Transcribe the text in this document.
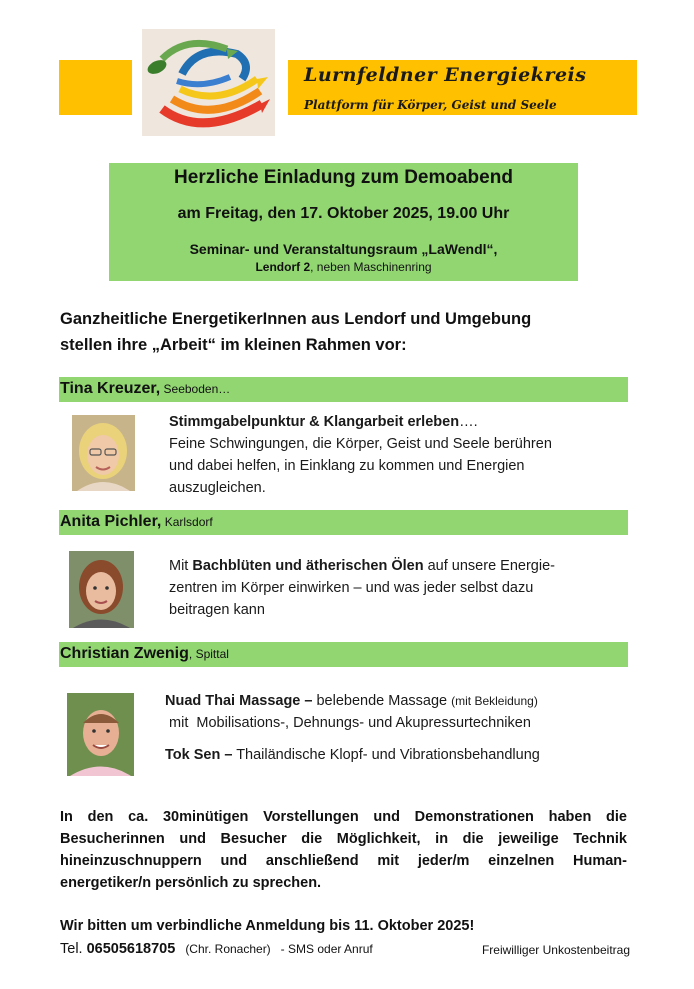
Lurnfeldner Energiekreis
Plattform für Körper, Geist und Seele
Herzliche Einladung zum Demoabend
am Freitag, den 17. Oktober 2025, 19.00 Uhr
Seminar- und Veranstaltungsraum „LaWendl“,
Lendorf 2, neben Maschinenring
Ganzheitliche EnergetikerInnen aus Lendorf und Umgebung
stellen ihre „Arbeit“ im kleinen Rahmen vor:
Tina Kreuzer, Seeboden…
Stimmgabelpunktur & Klangarbeit erleben….
Feine Schwingungen, die Körper, Geist und Seele berühren
und dabei helfen, in Einklang zu kommen und Energien
auszugleichen.
Anita Pichler, Karlsdorf
Mit Bachblüten und ätherischen Ölen auf unsere Energie-
zentren im Körper einwirken – und was jeder selbst dazu
beitragen kann
Christian Zwenig, Spittal
Nuad Thai Massage – belebende Massage (mit Bekleidung)
mit  Mobilisations-, Dehnungs- und Akupressurtechniken
Tok Sen – Thailändische Klopf- und Vibrationsbehandlung
In den ca. 30minütigen Vorstellungen und Demonstrationen haben die Besucherinnen und Besucher die Möglichkeit, in die jeweilige Technik hineinzuschnuppern und anschließend mit jeder/m einzelnen Human-energetiker/n persönlich zu sprechen.
Wir bitten um verbindliche Anmeldung bis 11. Oktober 2025!
Tel. 06505618705   (Chr. Ronacher)   - SMS oder Anruf	Freiwilliger Unkostenbeitrag
